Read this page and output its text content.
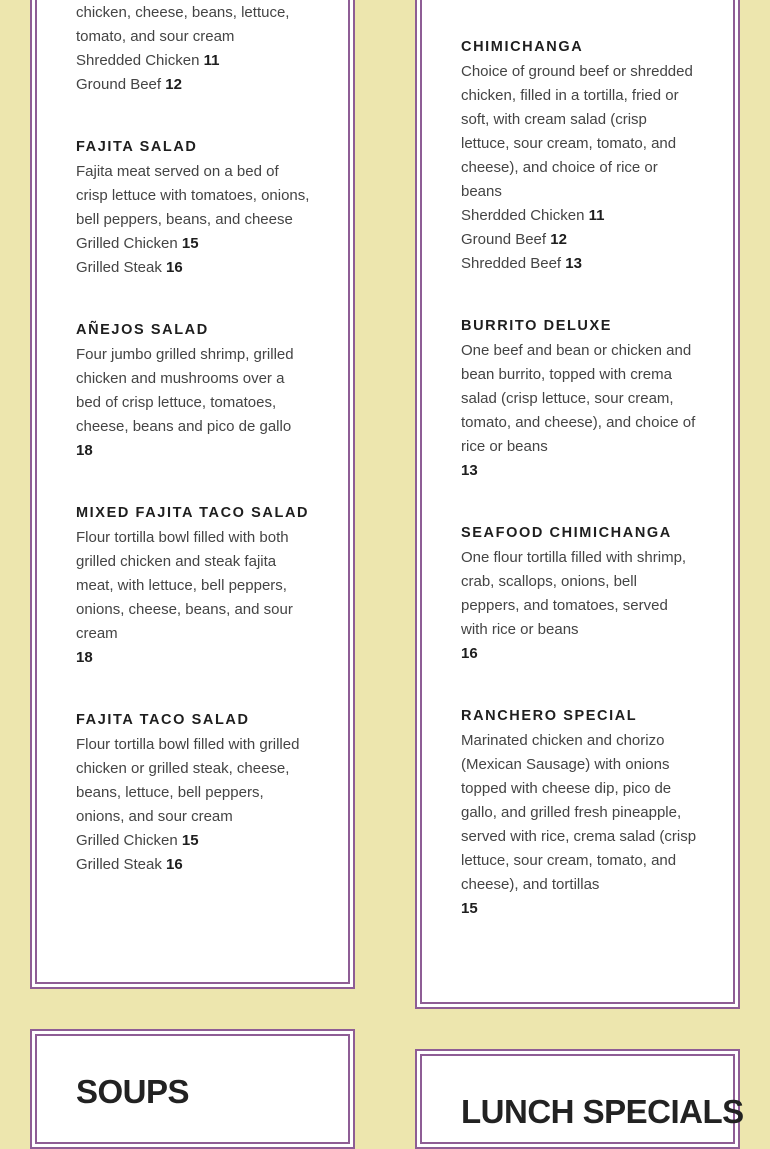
chicken, cheese, beans, lettuce, tomato, and sour cream
Shredded Chicken 11
Ground Beef 12
FAJITA SALAD
Fajita meat served on a bed of crisp lettuce with tomatoes, onions, bell peppers, beans, and cheese
Grilled Chicken 15
Grilled Steak 16
AÑEJOS SALAD
Four jumbo grilled shrimp, grilled chicken and mushrooms over a bed of crisp lettuce, tomatoes, cheese, beans and pico de gallo
18
MIXED FAJITA TACO SALAD
Flour tortilla bowl filled with both grilled chicken and steak fajita meat, with lettuce, bell peppers, onions, cheese, beans, and sour cream
18
FAJITA TACO SALAD
Flour tortilla bowl filled with grilled chicken or grilled steak, cheese, beans, lettuce, bell peppers, onions, and sour cream
Grilled Chicken 15
Grilled Steak 16
CHIMICHANGA
Choice of ground beef or shredded chicken, filled in a tortilla, fried or soft, with cream salad (crisp lettuce, sour cream, tomato, and cheese), and choice of rice or beans
Sherdded Chicken 11
Ground Beef 12
Shredded Beef 13
BURRITO DELUXE
One beef and bean or chicken and bean burrito, topped with crema salad (crisp lettuce, sour cream, tomato, and cheese), and choice of rice or beans
13
SEAFOOD CHIMICHANGA
One flour tortilla filled with shrimp, crab, scallops, onions, bell peppers, and tomatoes, served with rice or beans
16
RANCHERO SPECIAL
Marinated chicken and chorizo (Mexican Sausage) with onions topped with cheese dip, pico de gallo, and grilled fresh pineapple, served with rice, crema salad (crisp lettuce, sour cream, tomato, and cheese), and tortillas
15
SOUPS
LUNCH SPECIALS
